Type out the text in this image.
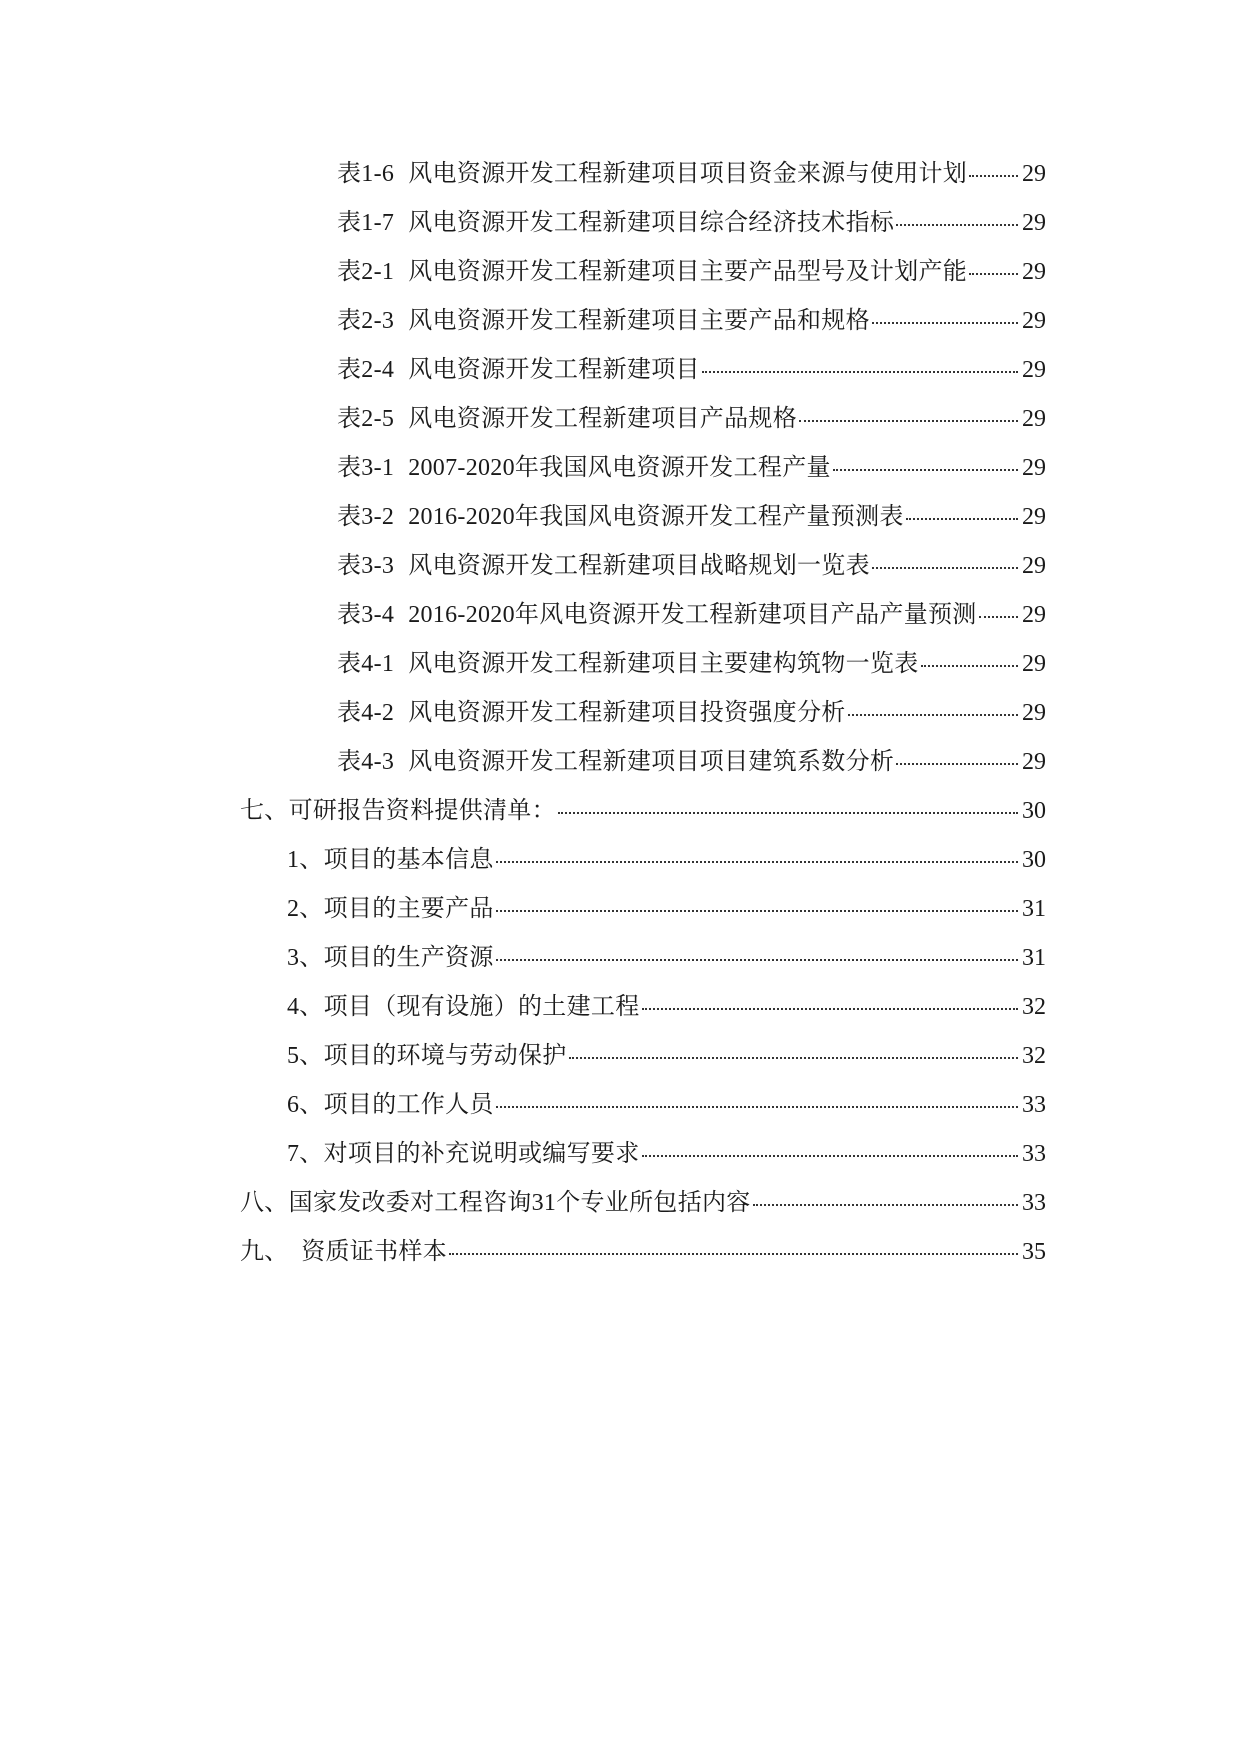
表1-6 风电资源开发工程新建项目项目资金来源与使用计划 29
表1-7 风电资源开发工程新建项目综合经济技术指标	29
表2-1 风电资源开发工程新建项目主要产品型号及计划产能 29
表2-3 风电资源开发工程新建项目主要产品和规格	29
表2-4 风电资源开发工程新建项目	29
表2-5 风电资源开发工程新建项目产品规格	29
表3-1 2007-2020年我国风电资源开发工程产量	29
表3-2 2016-2020年我国风电资源开发工程产量预测表	29
表3-3 风电资源开发工程新建项目战略规划一览表	29
表3-4 2016-2020年风电资源开发工程新建项目产品产量预测 29
表4-1 风电资源开发工程新建项目主要建构筑物一览表	29
表4-2 风电资源开发工程新建项目投资强度分析	29
表4-3 风电资源开发工程新建项目项目建筑系数分析	29
七、可研报告资料提供清单：	30
1、项目的基本信息	30
2、项目的主要产品	31
3、项目的生产资源	31
4、项目（现有设施）的土建工程	32
5、项目的环境与劳动保护	32
6、项目的工作人员	33
7、对项目的补充说明或编写要求	33
八、国家发改委对工程咨询31个专业所包括内容	33
九、  资质证书样本	35
